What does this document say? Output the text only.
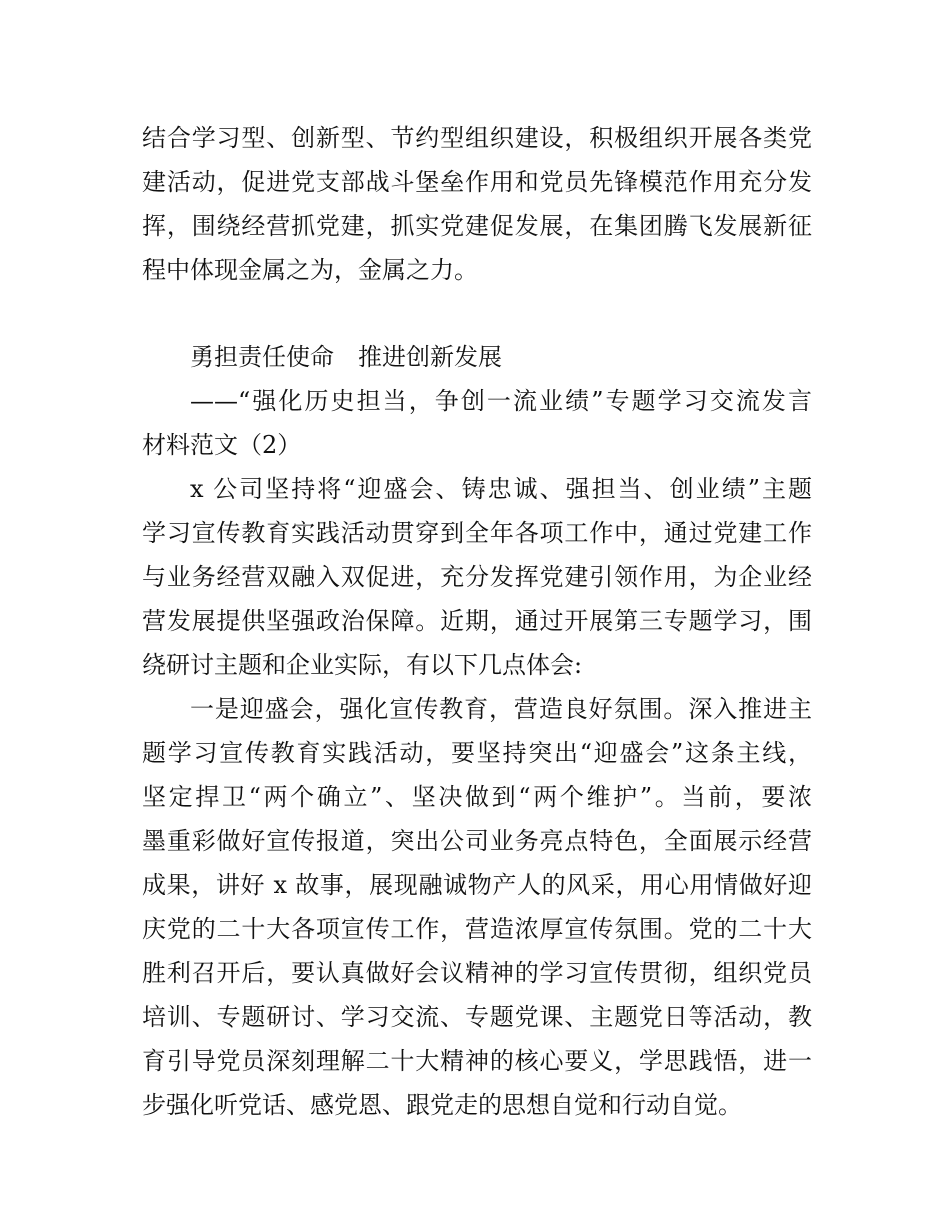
结合学习型、创新型、节约型组织建设，积极组织开展各类党
建活动，促进党支部战斗堡垒作用和党员先锋模范作用充分发
挥，围绕经营抓党建，抓实党建促发展，在集团腾飞发展新征
程中体现金属之为，金属之力。
勇担责任使命　推进创新发展
——“强化历史担当，争创一流业绩”专题学习交流发言
材料范文（2）
x 公司坚持将“迎盛会、铸忠诚、强担当、创业绩”主题
学习宣传教育实践活动贯穿到全年各项工作中，通过党建工作
与业务经营双融入双促进，充分发挥党建引领作用，为企业经
营发展提供坚强政治保障。近期，通过开展第三专题学习，围
绕研讨主题和企业实际，有以下几点体会:
一是迎盛会，强化宣传教育，营造良好氛围。深入推进主
题学习宣传教育实践活动，要坚持突出“迎盛会”这条主线，
坚定捍卫“两个确立”、坚决做到“两个维护”。当前，要浓
墨重彩做好宣传报道，突出公司业务亮点特色，全面展示经营
成果，讲好 x 故事，展现融诚物产人的风采，用心用情做好迎
庆党的二十大各项宣传工作，营造浓厚宣传氛围。党的二十大
胜利召开后，要认真做好会议精神的学习宣传贯彻，组织党员
培训、专题研讨、学习交流、专题党课、主题党日等活动，教
育引导党员深刻理解二十大精神的核心要义，学思践悟，进一
步强化听党话、感党恩、跟党走的思想自觉和行动自觉。
